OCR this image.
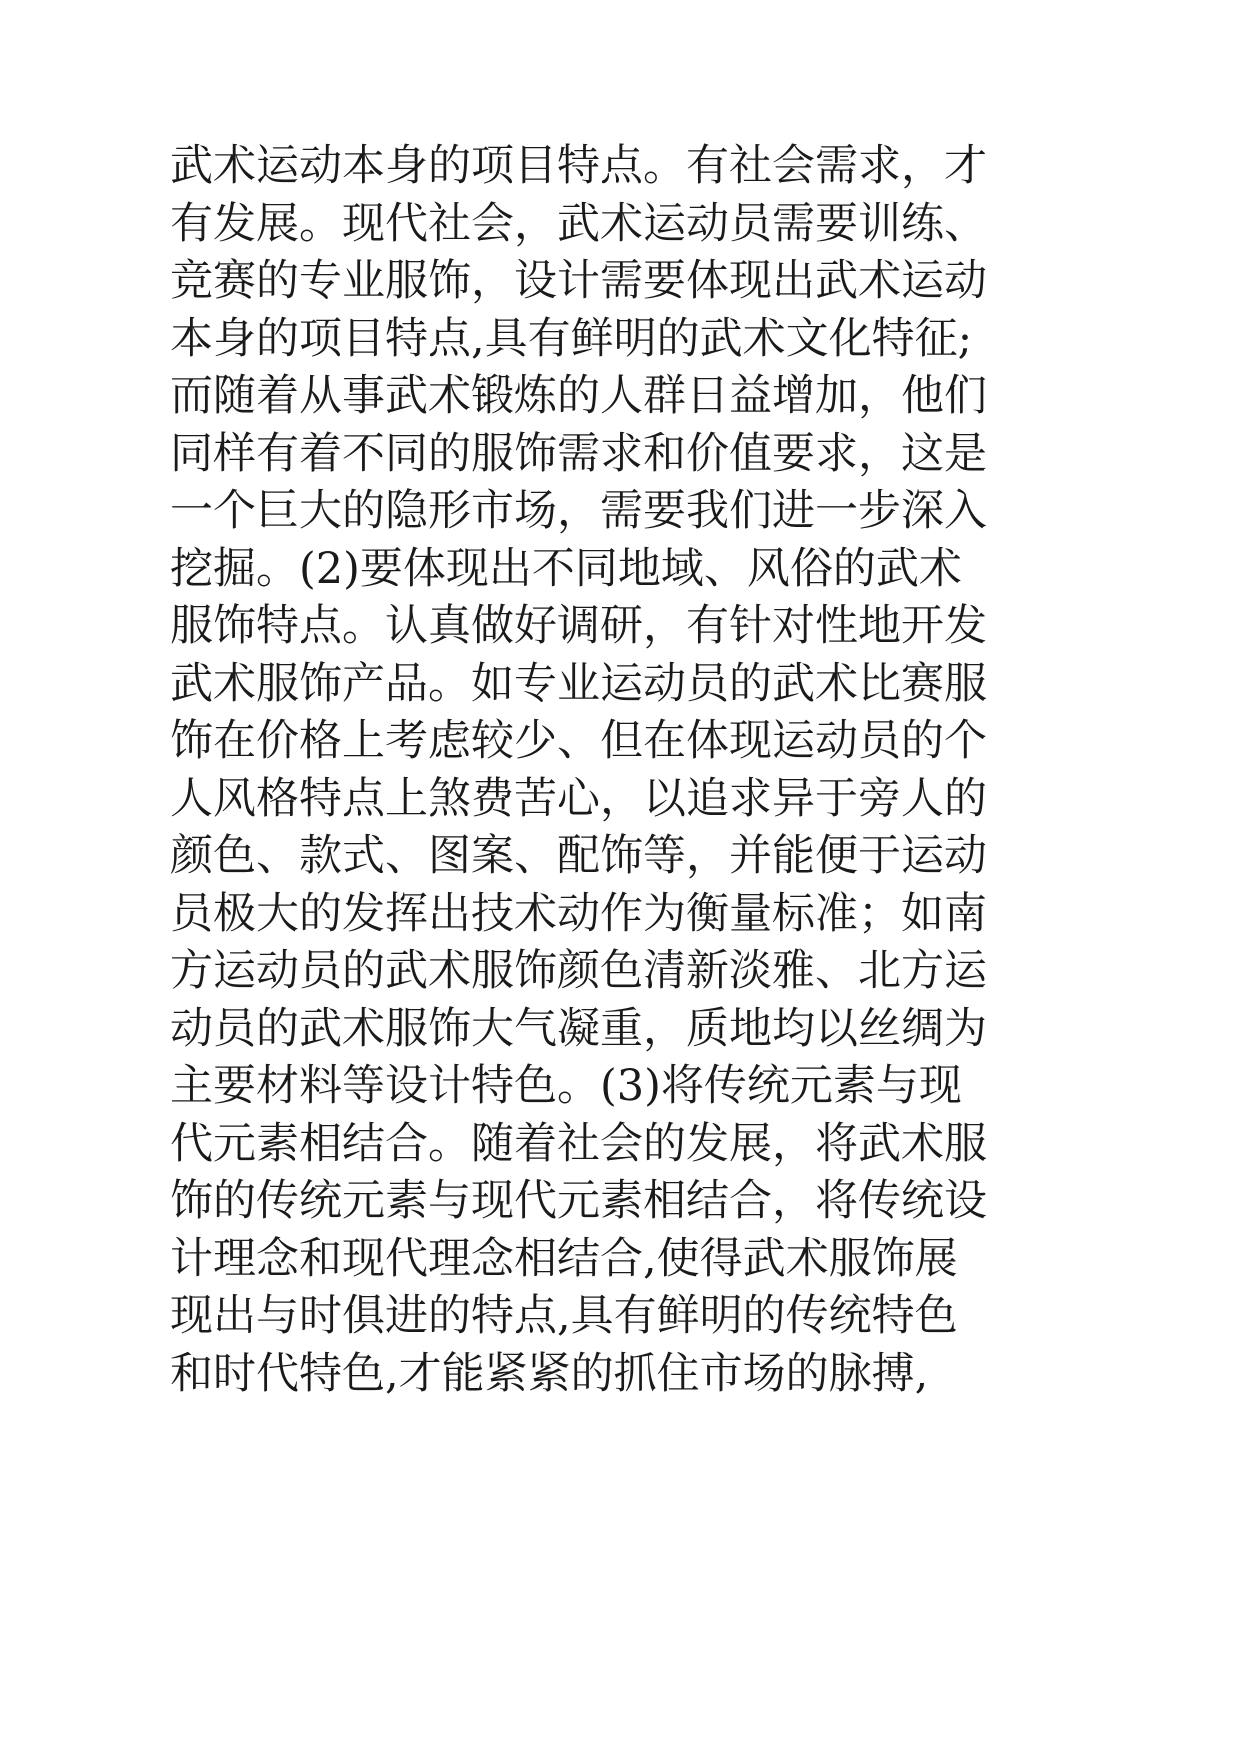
武术运动本身的项目特点。有社会需求，才
有发展。现代社会，武术运动员需要训练、
竞赛的专业服饰，设计需要体现出武术运动
本身的项目特点,具有鲜明的武术文化特征;
而随着从事武术锻炼的人群日益增加，他们
同样有着不同的服饰需求和价值要求，这是
一个巨大的隐形市场，需要我们进一步深入
挖掘。(2)要体现出不同地域、风俗的武术
服饰特点。认真做好调研，有针对性地开发
武术服饰产品。如专业运动员的武术比赛服
饰在价格上考虑较少、但在体现运动员的个
人风格特点上煞费苦心，以追求异于旁人的
颜色、款式、图案、配饰等，并能便于运动
员极大的发挥出技术动作为衡量标准；如南
方运动员的武术服饰颜色清新淡雅、北方运
动员的武术服饰大气凝重，质地均以丝绸为
主要材料等设计特色。(3)将传统元素与现
代元素相结合。随着社会的发展，将武术服
饰的传统元素与现代元素相结合，将传统设
计理念和现代理念相结合,使得武术服饰展
现出与时俱进的特点,具有鲜明的传统特色
和时代特色,才能紧紧的抓住市场的脉搏,
